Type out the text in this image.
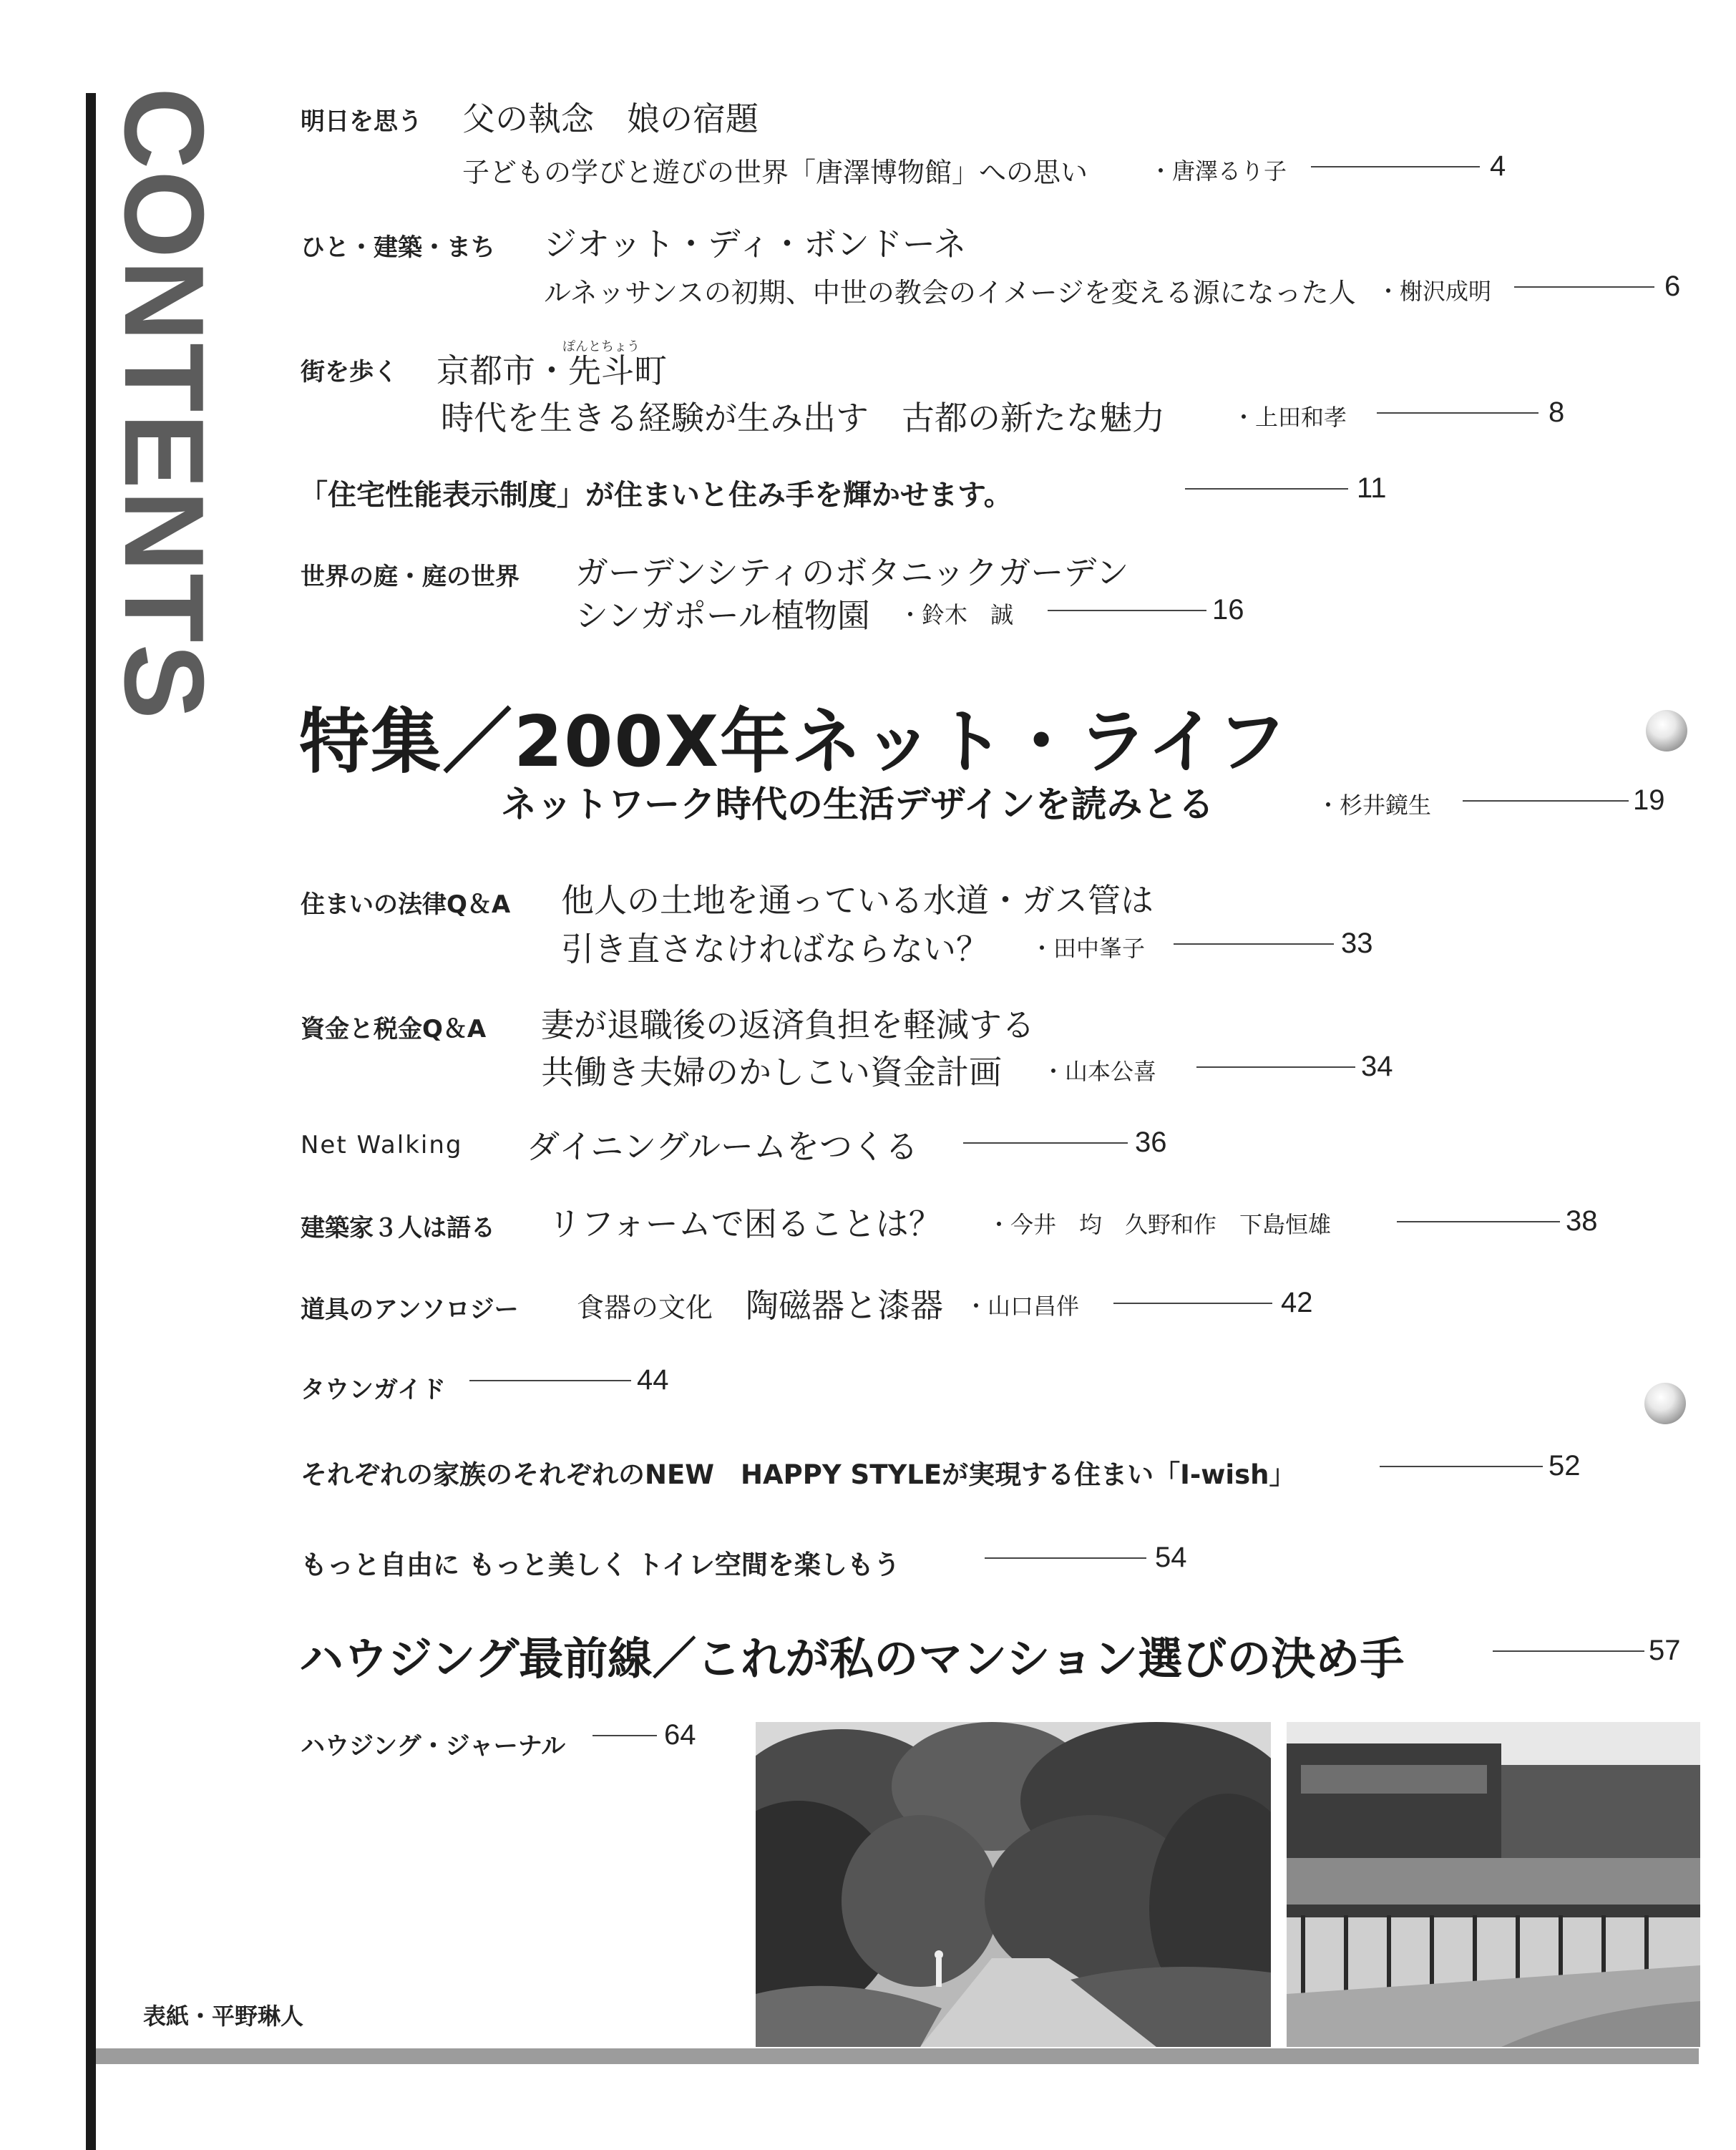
CONTENTS	明日を思う 父の執念　娘の宿題
子どもの学びと遊びの世界「唐澤博物館」への思い	・唐澤るり子	4
ひと・建築・まち ジオット・ディ・ボンドーネ
ルネッサンスの初期、中世の教会のイメージを変える源になった人 ・榭沢成明	6
街を歩く
ぽんとちょう
京都市・先斗町
時代を生きる経験が生み出す　古都の新たな魅力	・上田和孝	8
「住宅性能表示制度」が住まいと住み手を輝かせます。	11
世界の庭・庭の世界 ガーデンシティのボタニックガーデン
シンガポール植物園 ・鈴木　誠	16
特集／200X年ネット・ライフ
ネットワーク時代の生活デザインを読みとる	・杉井鏡生	19
住まいの法律Q＆A 他人の土地を通っている水道・ガス管は
引き直さなければならない？ ・田中峯子	33
資金と税金Q＆A 妻が退職後の返済負担を軽減する
共働き夫婦のかしこい資金計画 ・山本公喜	34
Net Walking ダイニングルームをつくる	36
建築家３人は語る リフォームで困ることは？ ・今井　均　久野和作　下島恒雄	38
道具のアンソロジー 食器の文化 陶磁器と漆器 ・山口昌伴	42
タウンガイド	44
それぞれの家族のそれぞれのNEW　HAPPY STYLEが実現する住まい「I-wish」	52
もっと自由に もっと美しく トイレ空間を楽しもう	54
ハウジング最前線／これが私のマンション選びの決め手	57
ハウジング・ジャーナル	64
表紙・平野琳人
